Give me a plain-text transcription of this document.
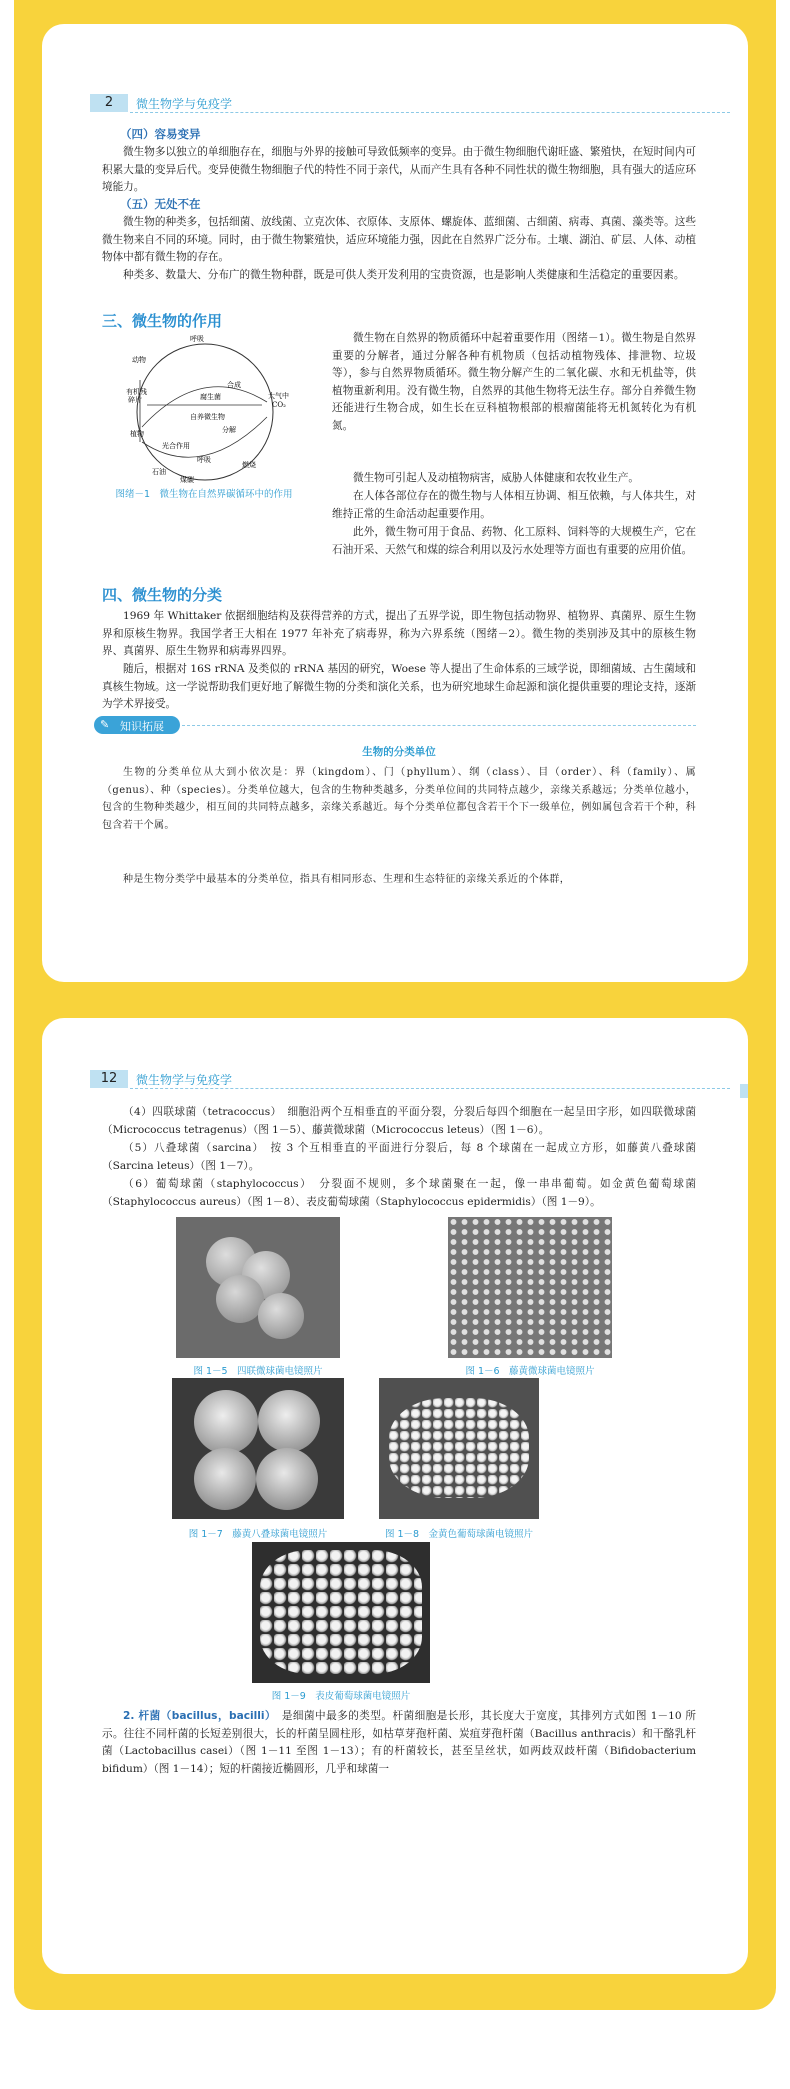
2	微生物学与免疫学
（四）容易变异
微生物多以独立的单细胞存在，细胞与外界的接触可导致低频率的变异。由于微生物细胞代谢旺盛、繁殖快，在短时间内可积累大量的变异后代。变异使微生物细胞子代的特性不同于亲代，从而产生具有各种不同性状的微生物细胞，具有强大的适应环境能力。
（五）无处不在
微生物的种类多，包括细菌、放线菌、立克次体、衣原体、支原体、螺旋体、蓝细菌、古细菌、病毒、真菌、藻类等。这些微生物来自不同的环境。同时，由于微生物繁殖快，适应环境能力强，因此在自然界广泛分布。土壤、湖泊、矿层、人体、动植物体中都有微生物的存在。
种类多、数量大、分布广的微生物种群，既是可供人类开发利用的宝贵资源，也是影响人类健康和生活稳定的重要因素。
三、微生物的作用
呼吸
动物
有机残
碎片	腐生菌
植物
自养微生物
光合作用
大气中
CO₂
合成
分解
呼吸
燃烧
煤碳
石油
图绪－1　微生物在自然界碳循环中的作用
微生物在自然界的物质循环中起着重要作用（图绪－1）。微生物是自然界重要的分解者，通过分解各种有机物质（包括动植物残体、排泄物、垃圾等），参与自然界物质循环。微生物分解产生的二氧化碳、水和无机盐等，供植物重新利用。没有微生物，自然界的其他生物将无法生存。部分自养微生物还能进行生物合成，如生长在豆科植物根部的根瘤菌能将无机氮转化为有机氮。
微生物可引起人及动植物病害，威胁人体健康和农牧业生产。
在人体各部位存在的微生物与人体相互协调、相互依赖，与人体共生，对维持正常的生命活动起重要作用。
此外，微生物可用于食品、药物、化工原料、饲料等的大规模生产，它在石油开采、天然气和煤的综合利用以及污水处理等方面也有重要的应用价值。
四、微生物的分类
1969 年 Whittaker 依据细胞结构及获得营养的方式，提出了五界学说，即生物包括动物界、植物界、真菌界、原生生物界和原核生物界。我国学者王大相在 1977 年补充了病毒界，称为六界系统（图绪－2）。微生物的类别涉及其中的原核生物界、真菌界、原生生物界和病毒界四界。
随后，根据对 16S rRNA 及类似的 rRNA 基因的研究，Woese 等人提出了生命体系的三域学说，即细菌域、古生菌域和真核生物域。这一学说帮助我们更好地了解微生物的分类和演化关系，也为研究地球生命起源和演化提供重要的理论支持，逐渐为学术界接受。
知识拓展
✎
生物的分类单位
生物的分类单位从大到小依次是：界（kingdom）、门（phyllum）、纲（class）、目（order）、科（family）、属（genus）、种（species）。分类单位越大，包含的生物种类越多，分类单位间的共同特点越少，亲缘关系越远；分类单位越小，包含的生物种类越少，相互间的共同特点越多，亲缘关系越近。每个分类单位都包含若干个下一级单位，例如属包含若干个种，科包含若干个属。
种是生物分类学中最基本的分类单位，指具有相同形态、生理和生态特征的亲缘关系近的个体群，
12	微生物学与免疫学
（4）四联球菌（tetracoccus）　细胞沿两个互相垂直的平面分裂，分裂后每四个细胞在一起呈田字形，如四联微球菌（Micrococcus tetragenus）（图 1－5）、藤黄微球菌（Micrococcus leteus）（图 1－6）。
（5）八叠球菌（sarcina）　按 3 个互相垂直的平面进行分裂后，每 8 个球菌在一起成立方形，如藤黄八叠球菌（Sarcina leteus）（图 1－7）。
（6）葡萄球菌（staphylococcus）　分裂面不规则，多个球菌聚在一起，像一串串葡萄。如金黄色葡萄球菌（Staphylococcus aureus）（图 1－8）、表皮葡萄球菌（Staphylococcus epidermidis）（图 1－9）。
图 1－5　四联微球菌电镜照片	图 1－6　藤黄微球菌电镜照片
图 1－7　藤黄八叠球菌电镜照片	图 1－8　金黄色葡萄球菌电镜照片
图 1－9　表皮葡萄球菌电镜照片
2. 杆菌（bacillus，bacilli）　 是细菌中最多的类型。杆菌细胞是长形，其长度大于宽度，其排列方式如图 1－10 所示。往往不同杆菌的长短差别很大，长的杆菌呈圆柱形，如枯草芽孢杆菌、炭疽芽孢杆菌（Bacillus anthracis）和干酪乳杆菌（Lactobacillus casei）（图 1－11 至图 1－13）；有的杆菌较长，甚至呈丝状，如两歧双歧杆菌（Bifidobacterium bifidum）（图 1－14）；短的杆菌接近椭圆形，几乎和球菌一
